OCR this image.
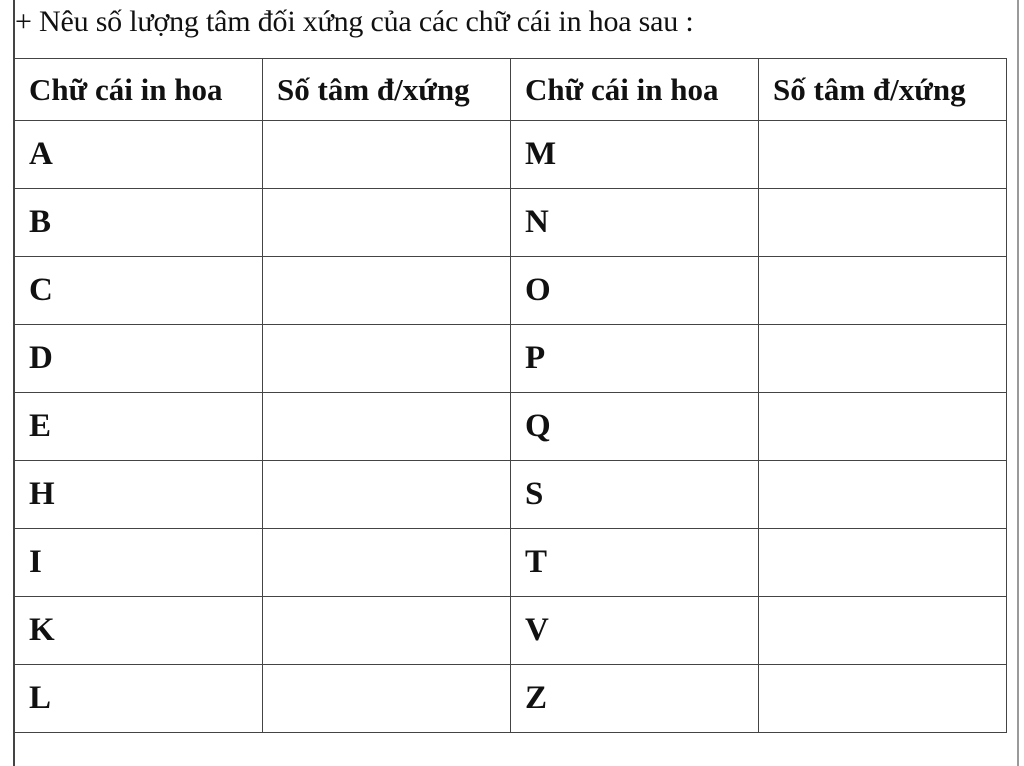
+ Nêu số lượng tâm đối xứng của các chữ cái in hoa sau :
Chữ cái in hoa	Số tâm đ/xứng	Chữ cái in hoa	Số tâm đ/xứng
A		M	
B		N	
C		O	
D		P	
E		Q	
H		S	
I		T	
K		V	
L		Z	
